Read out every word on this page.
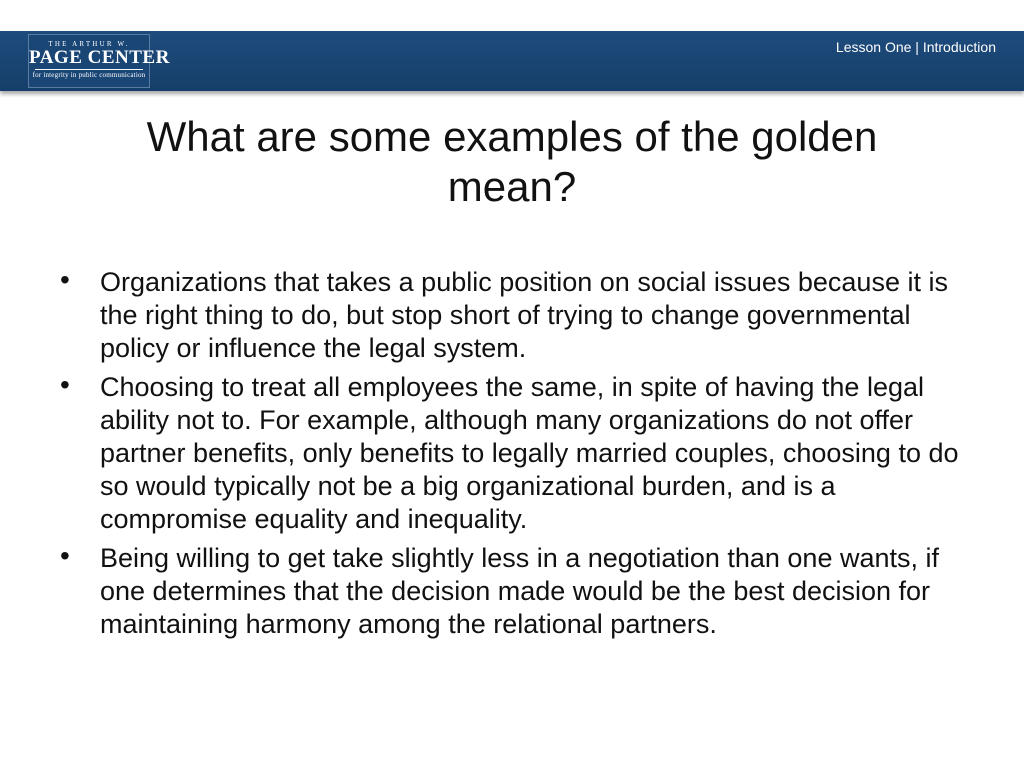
THE ARTHUR W.
PAGE CENTER
for integrity in public communication
Lesson One | Introduction
What are some examples of the golden mean?
• Organizations that takes a public position on social issues because it is the right thing to do, but stop short of trying to change governmental policy or influence the legal system.
• Choosing to treat all employees the same, in spite of having the legal ability not to. For example, although many organizations do not offer partner benefits, only benefits to legally married couples, choosing to do so would typically not be a big organizational burden, and is a compromise equality and inequality.
• Being willing to get take slightly less in a negotiation than one wants, if one determines that the decision made would be the best decision for maintaining harmony among the relational partners.
